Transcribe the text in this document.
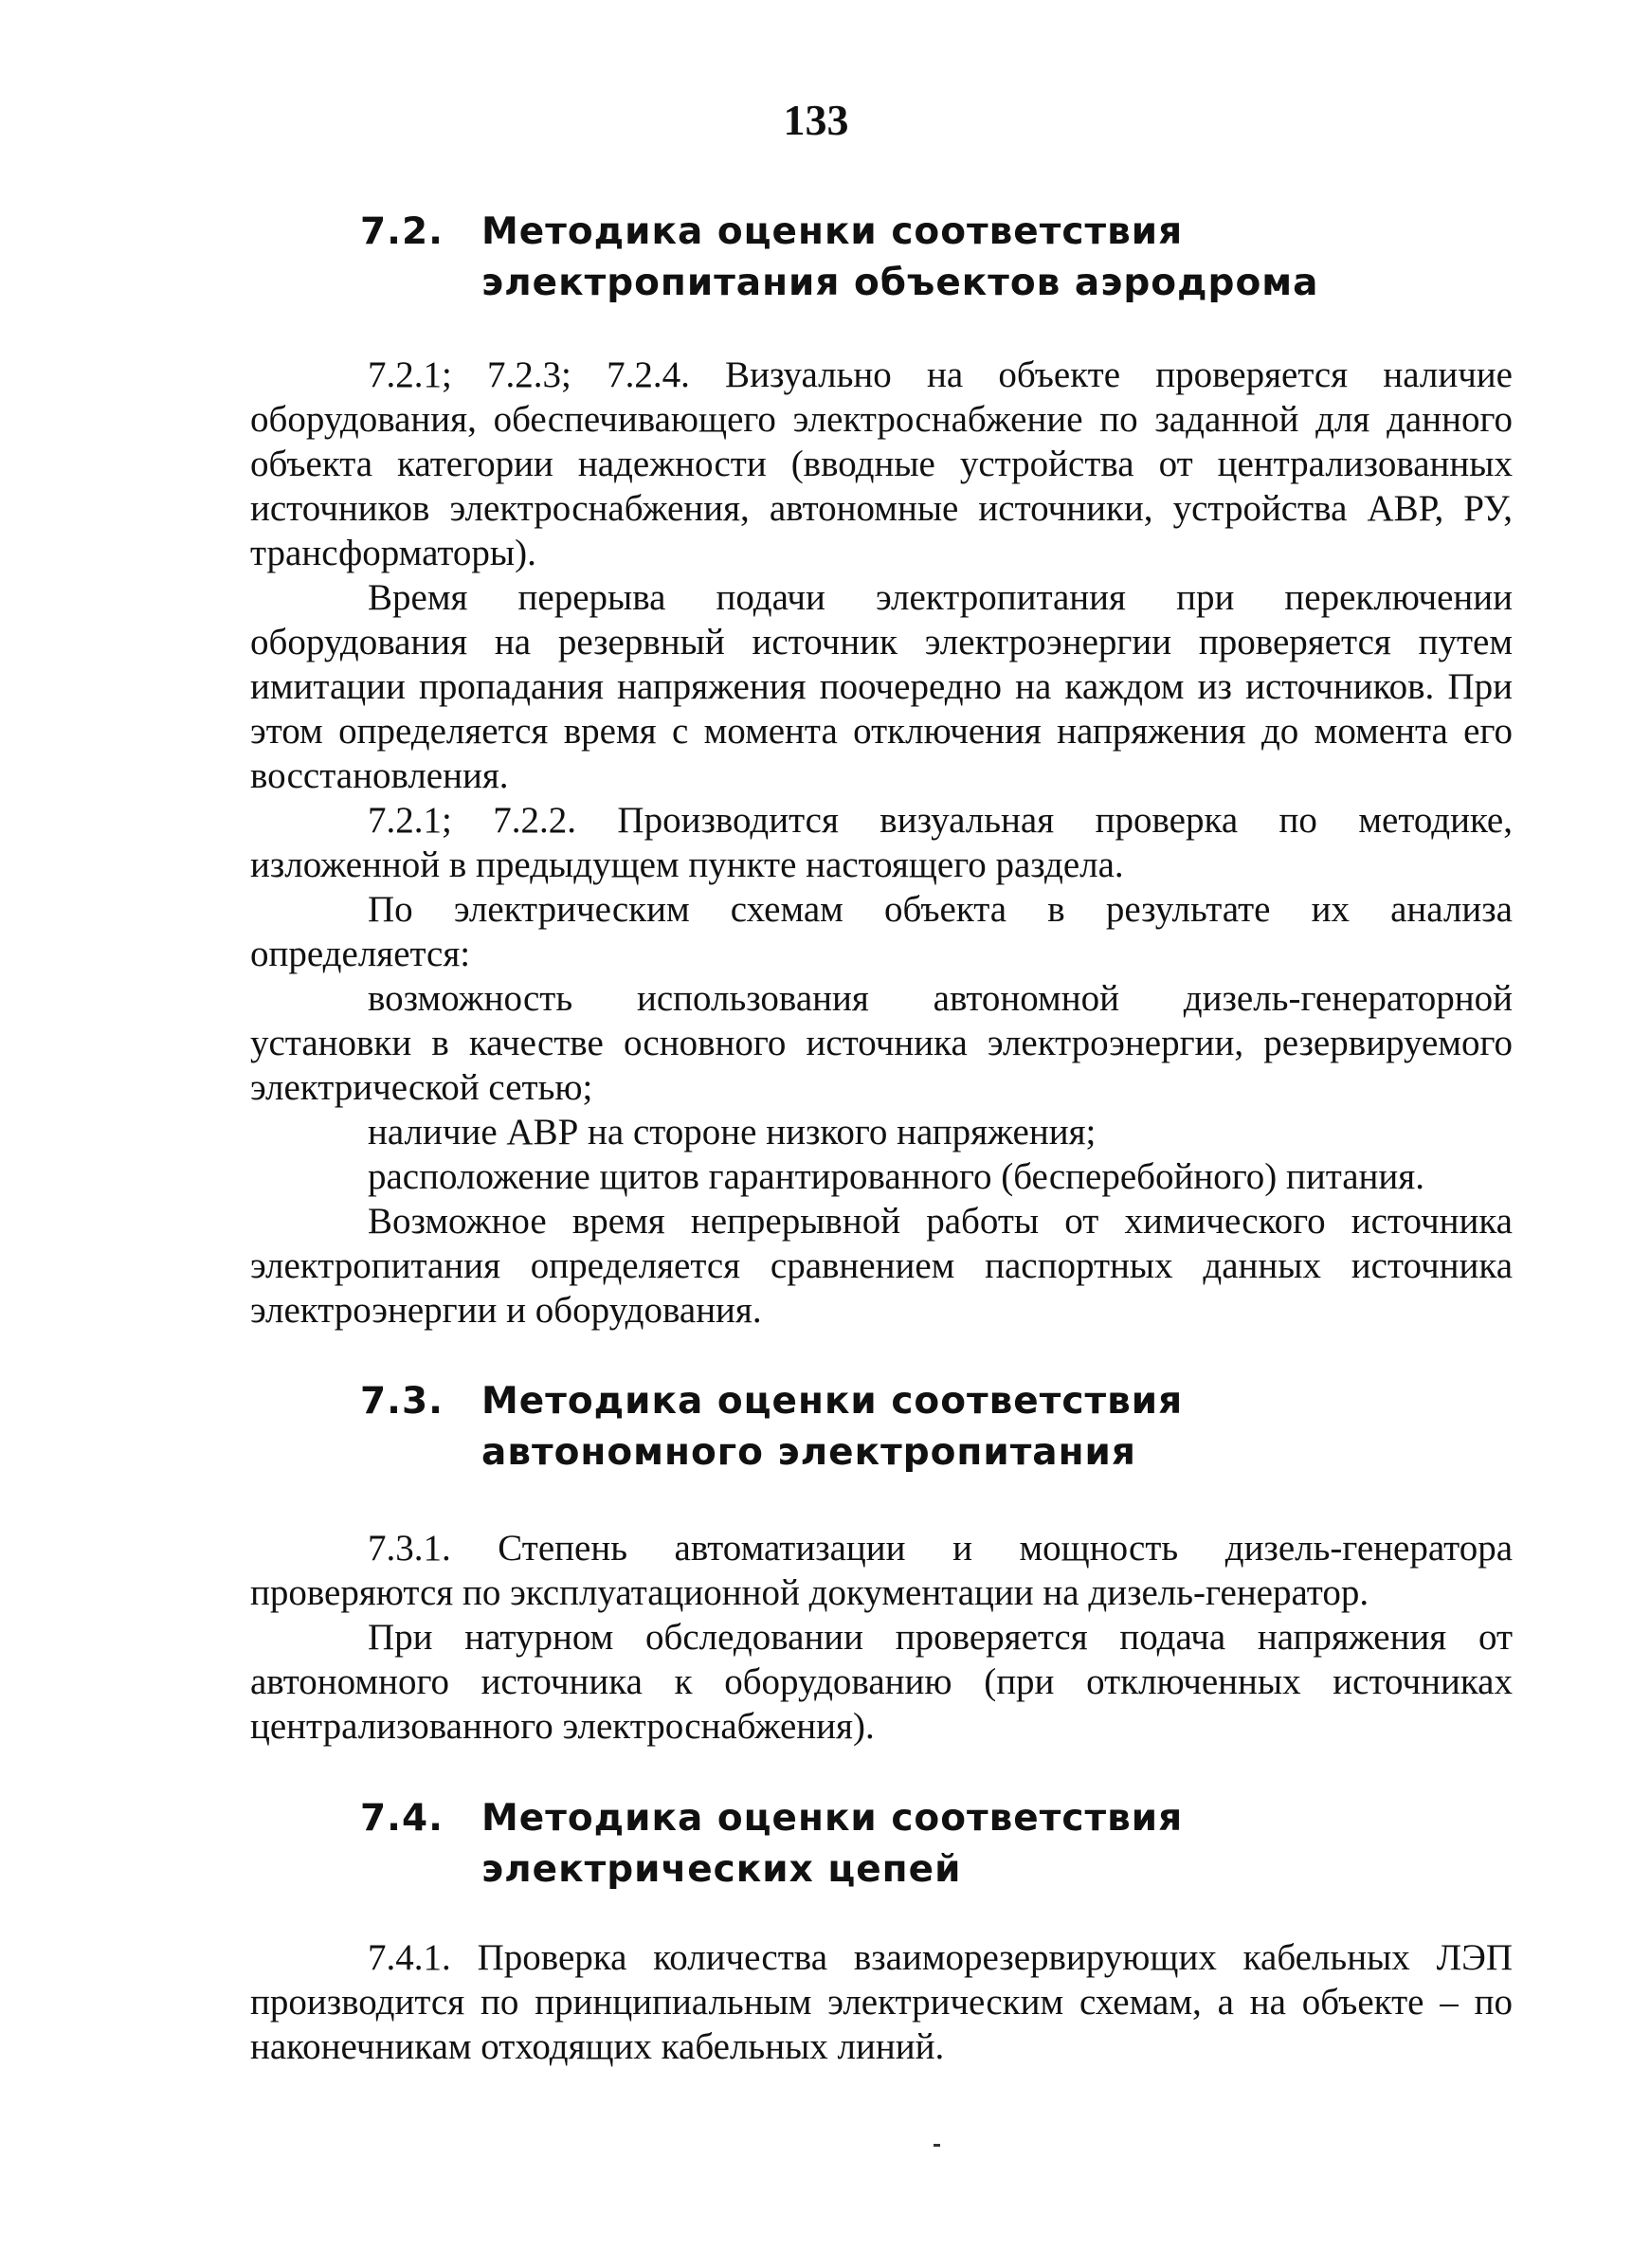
133
7.2.	Методика оценки соответствия
электропитания объектов аэродрома

7.2.1; 7.2.3; 7.2.4. Визуально на объекте проверяется наличие оборудования, обеспечивающего электроснабжение по заданной для данного объекта категории надежности (вводные устройства от централизованных источников электроснабжения, автономные источники, устройства АВР, РУ, трансформаторы).

Время перерыва подачи электропитания при переключении оборудования на резервный источник электроэнергии проверяется путем имитации пропадания напряжения поочередно на каждом из источников. При этом определяется время с момента отключения напряжения до момента его восстановления.

7.2.1; 7.2.2. Производится визуальная проверка по методике, изложенной в предыдущем пункте настоящего раздела.

По электрическим схемам объекта в результате их анализа определяется:

возможность использования автономной дизель-генераторной установки в качестве основного источника электроэнергии, резервируемого электрической сетью;

наличие АВР на стороне низкого напряжения;

расположение щитов гарантированного (бесперебойного) питания.

Возможное время непрерывной работы от химического источника электропитания определяется сравнением паспортных данных источника электроэнергии и оборудования.

7.3.	Методика оценки соответствия
автономного электропитания

7.3.1. Степень автоматизации и мощность дизель-генератора проверяются по эксплуатационной документации на дизель-генератор.

При натурном обследовании проверяется подача напряжения от автономного источника к оборудованию (при отключенных источниках централизованного электроснабжения).

7.4.	Методика оценки соответствия
электрических цепей

7.4.1. Проверка количества взаиморезервирующих кабельных ЛЭП производится по принципиальным электрическим схемам, а на объекте – по наконечникам отходящих кабельных линий.
